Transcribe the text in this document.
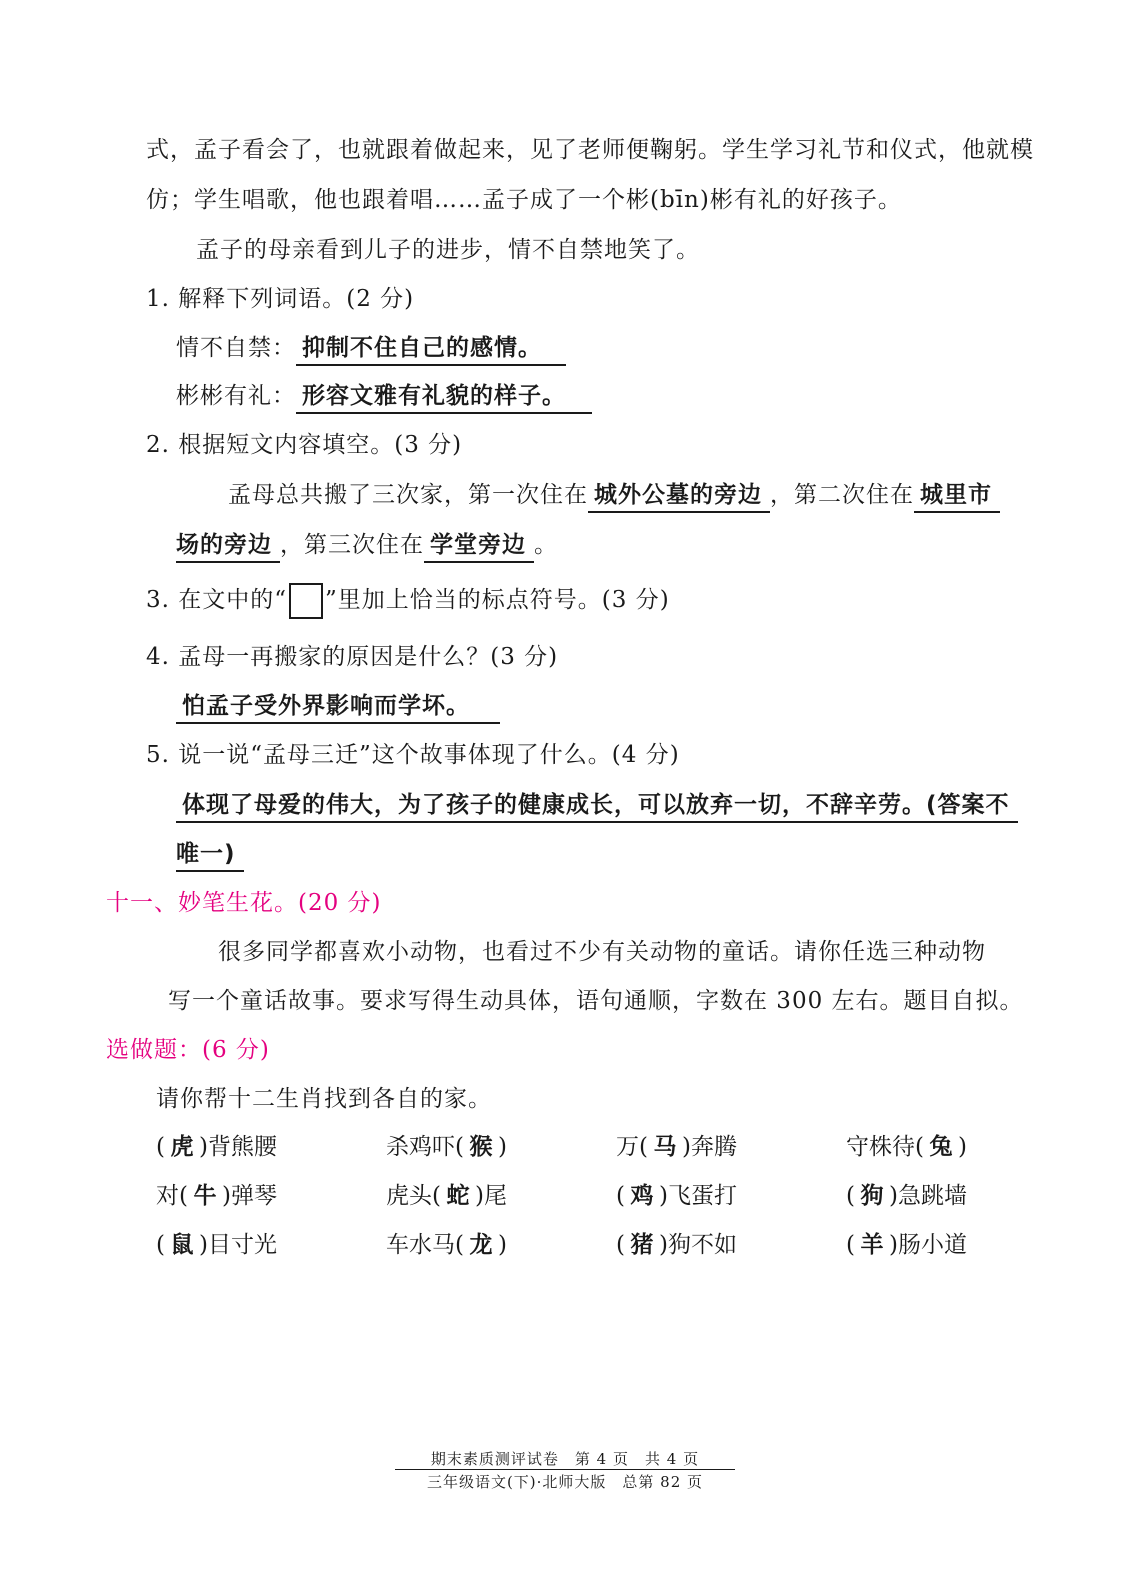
式，孟子看会了，也就跟着做起来，见了老师便鞠躬。学生学习礼节和仪式，他就模
仿；学生唱歌，他也跟着唱……孟子成了一个彬(bīn)彬有礼的好孩子。
孟子的母亲看到儿子的进步，情不自禁地笑了。
1. 解释下列词语。(2 分)
情不自禁： 抑制不住自己的感情。
彬彬有礼： 形容文雅有礼貌的样子。
2. 根据短文内容填空。(3 分)
孟母总共搬了三次家，第一次住在 城外公墓的旁边 ，第二次住在 城里市
场的旁边 ，第三次住在 学堂旁边 。
3. 在文中的“ ”里加上恰当的标点符号。(3 分)
4. 孟母一再搬家的原因是什么？(3 分)
怕孟子受外界影响而学坏。
5. 说一说“孟母三迁”这个故事体现了什么。(4 分)
体现了母爱的伟大，为了孩子的健康成长，可以放弃一切，不辞辛劳。(答案不
唯一)
十一、妙笔生花。(20 分)
很多同学都喜欢小动物，也看过不少有关动物的童话。请你任选三种动物
写一个童话故事。要求写得生动具体，语句通顺，字数在 300 左右。题目自拟。
选做题：(6 分)
请你帮十二生肖找到各自的家。
( 虎 )背熊腰	杀鸡吓( 猴 )	万( 马 )奔腾	守株待( 兔 )
对( 牛 )弹琴	虎头( 蛇 )尾	( 鸡 )飞蛋打	( 狗 )急跳墙
( 鼠 )目寸光	车水马( 龙 )	( 猪 )狗不如	( 羊 )肠小道
期末素质测评试卷　第 4 页　共 4 页
三年级语文(下)·北师大版　总第 82 页
